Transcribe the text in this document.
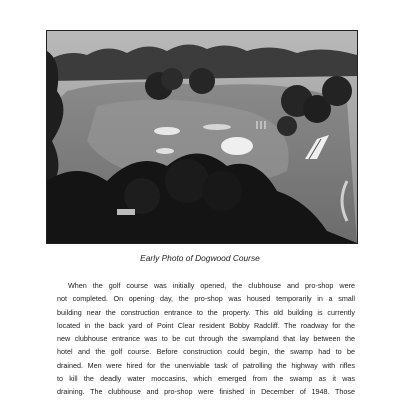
Early Photo of Dogwood Course
When the golf course was initially opened, the clubhouse and pro-shop were
not completed. On opening day, the pro-shop was housed temporarily in a small
building near the construction entrance to the property. This old building is currently
located in the back yard of Point Clear resident Bobby Radcliff. The roadway for the
new clubhouse entrance was to be cut through the swampland that lay between the
hotel and the golf course. Before construction could begin, the swamp had to be
drained. Men were hired for the unenviable task of patrolling the highway with rifles
to kill the deadly water moccasins, which emerged from the swamp as it was
draining. The clubhouse and pro-shop were finished in December of 1948. Those
